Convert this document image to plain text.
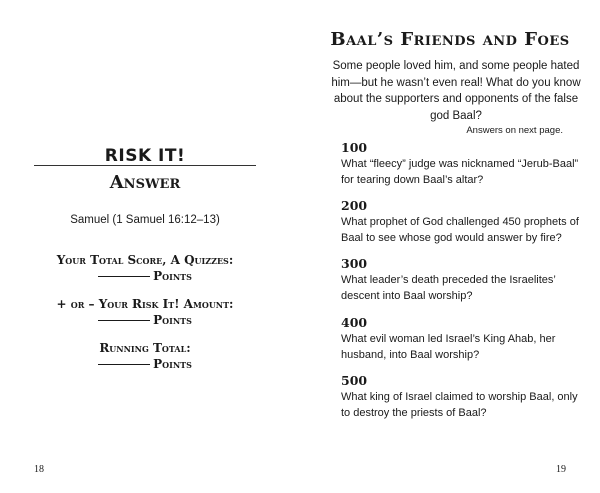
RISK IT!
Answer
Samuel (1 Samuel 16:12–13)
Your Total Score, A Quizzes:
Points
+ or – Your Risk It! Amount:
Points
Running Total:
Points
18
Baal’s Friends and Foes
Some people loved him, and some people hated him—but he wasn’t even real! What do you know about the supporters and opponents of the false god Baal?
Answers on next page.
100
What “fleecy” judge was nicknamed “Jerub-Baal” for tearing down Baal’s altar?
200
What prophet of God challenged 450 prophets of Baal to see whose god would answer by fire?
300
What leader’s death preceded the Israelites’ descent into Baal worship?
400
What evil woman led Israel’s King Ahab, her husband, into Baal worship?
500
What king of Israel claimed to worship Baal, only to destroy the priests of Baal?
19
